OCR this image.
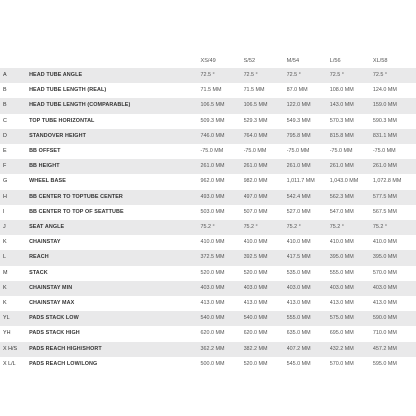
		XS/49	S/52	M/54	L/56	XL/58
A	HEAD TUBE ANGLE	72.5 °	72.5 °	72.5 °	72.5 °	72.5 °
B	HEAD TUBE LENGTH (REAL)	71.5 MM	71.5 MM	87.0 MM	108.0 MM	124.0 MM
B	HEAD TUBE LENGTH (COMPARABLE)	106.5 MM	106.5 MM	122.0 MM	143.0 MM	159.0 MM
C	TOP TUBE HORIZONTAL	509.3 MM	529.3 MM	549.3 MM	570.3 MM	590.3 MM
D	STANDOVER HEIGHT	746.0 MM	764.0 MM	795.8 MM	815.8 MM	831.1 MM
E	BB OFFSET	-75.0 MM	-75.0 MM	-75.0 MM	-75.0 MM	-75.0 MM
F	BB HEIGHT	261.0 MM	261.0 MM	261.0 MM	261.0 MM	261.0 MM
G	WHEEL BASE	962.0 MM	982.0 MM	1,011.7 MM	1,043.0 MM	1,072.8 MM
H	BB CENTER TO TOPTUBE CENTER	493.0 MM	497.0 MM	542.4 MM	562.3 MM	577.5 MM
I	BB CENTER TO TOP OF SEATTUBE	503.0 MM	507.0 MM	527.0 MM	547.0 MM	567.5 MM
J	SEAT ANGLE	75.2 °	75.2 °	75.2 °	75.2 °	75.2 °
K	CHAINSTAY	410.0 MM	410.0 MM	410.0 MM	410.0 MM	410.0 MM
L	REACH	372.5 MM	392.5 MM	417.5 MM	395.0 MM	395.0 MM
M	STACK	520.0 MM	520.0 MM	535.0 MM	555.0 MM	570.0 MM
K	CHAINSTAY MIN	403.0 MM	403.0 MM	403.0 MM	403.0 MM	403.0 MM
K	CHAINSTAY MAX	413.0 MM	413.0 MM	413.0 MM	413.0 MM	413.0 MM
YL	PADS STACK LOW	540.0 MM	540.0 MM	555.0 MM	575.0 MM	590.0 MM
YH	PADS STACK HIGH	620.0 MM	620.0 MM	635.0 MM	695.0 MM	710.0 MM
X H/S	PADS REACH HIGH/SHORT	362.2 MM	382.2 MM	407.2 MM	432.2 MM	457.2 MM
X L/L	PADS REACH LOW/LONG	500.0 MM	520.0 MM	545.0 MM	570.0 MM	595.0 MM
